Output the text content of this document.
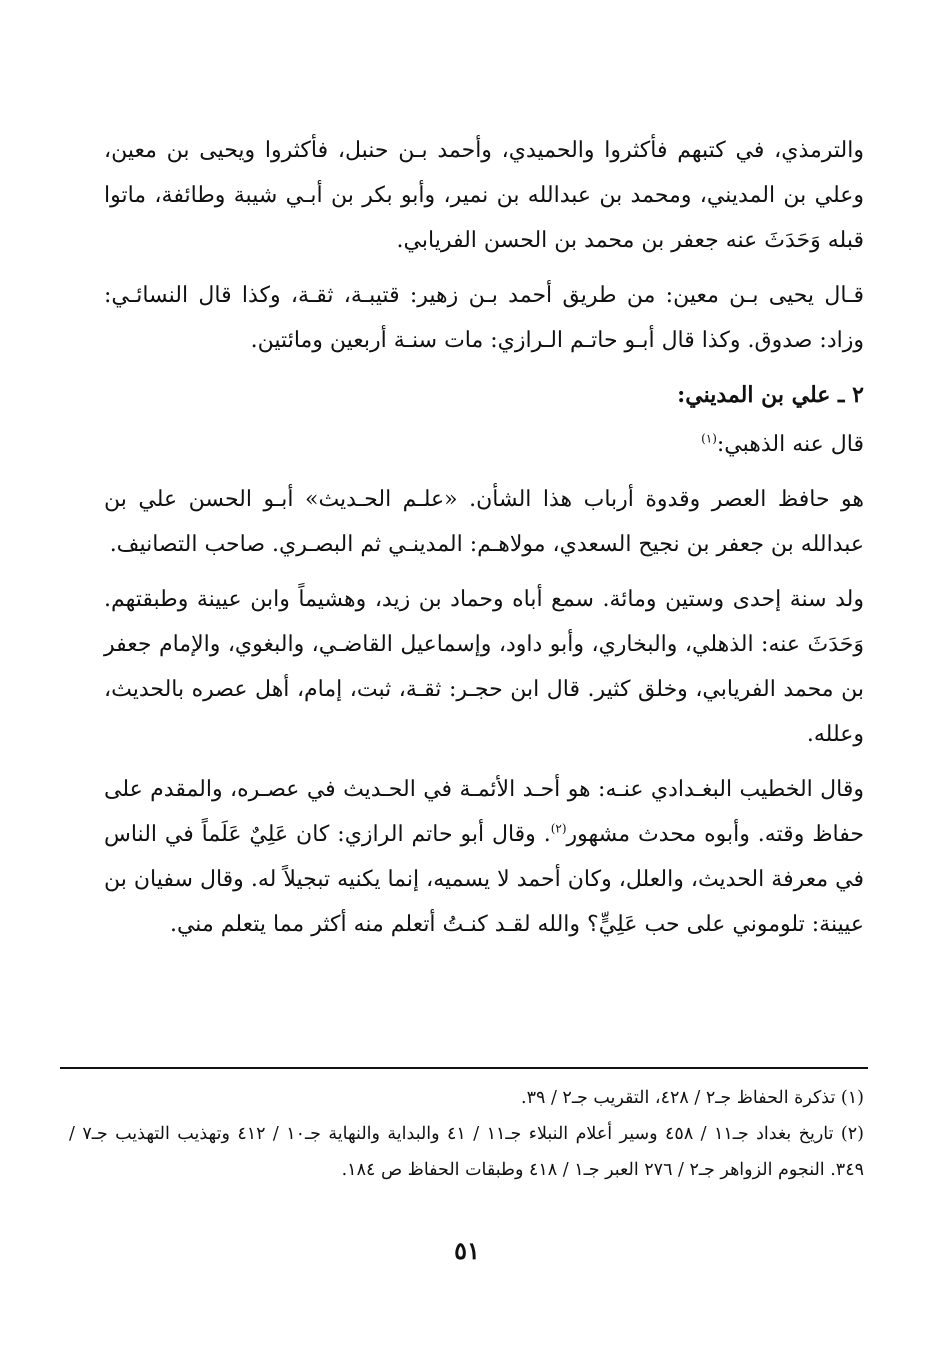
والترمذي، في كتبهم فأكثروا والحميدي، وأحمد بـن حنبل، فأكثروا ويحيى بن معين، وعلي بن المديني، ومحمد بن عبدالله بن نمير، وأبو بكر بن أبـي شيبة وطائفة، ماتوا قبله وَحَدَثَ عنه جعفر بن محمد بن الحسن الفريابي.

قـال يحيى بـن معين: من طريق أحمد بـن زهير: قتيبـة، ثقـة، وكذا قال النسائـي: وزاد: صدوق. وكذا قال أبـو حاتـم الـرازي: مات سنـة أربعين ومائتين.

٢ ـ علي بن المديني:

قال عنه الذهبي:$^{(١)}$

هو حافظ العصر وقدوة أرباب هذا الشأن. «علـم الحـديث» أبـو الحسن علي بن عبدالله بن جعفر بن نجيح السعدي، مولاهـم: المدينـي ثم البصـري. صاحب التصانيف.

ولد سنة إحدى وستين ومائة. سمع أباه وحماد بن زيد، وهشيماً وابن عيينة وطبقتهم. وَحَدَثَ عنه: الذهلي، والبخاري، وأبو داود، وإسماعيل القاضـي، والبغوي، والإمام جعفر بن محمد الفريابي، وخلق كثير. قال ابن حجـر: ثقـة، ثبت، إمام، أهل عصره بالحديث، وعلله.

وقال الخطيب البغـدادي عنـه: هو أحـد الأئمـة في الحـديث في عصـره، والمقدم على حفاظ وقته. وأبوه محدث مشهور$^{(٢)}$. وقال أبو حاتم الرازي: كان عَلِيٌ عَلَماً في الناس في معرفة الحديث، والعلل، وكان أحمد لا يسميه، إنما يكنيه تبجيلاً له. وقال سفيان بن عيينة: تلوموني على حب عَلِيٍّ؟ والله لقـد كنـتُ أتعلم منه أكثر مما يتعلم مني.

(١) تذكرة الحفاظ جـ٢ / ٤٢٨، التقريب جـ٢ / ٣٩.

(٢) تاريخ بغداد جـ١١ / ٤٥٨ وسير أعلام النبلاء جـ١١ / ٤١ والبداية والنهاية جـ١٠ / ٤١٢ وتهذيب التهذيب جـ٧ / ٣٤٩. النجوم الزواهر جـ٢ / ٢٧٦ العبر جـ١ / ٤١٨ وطبقات الحفاظ ص ١٨٤.

٥١
